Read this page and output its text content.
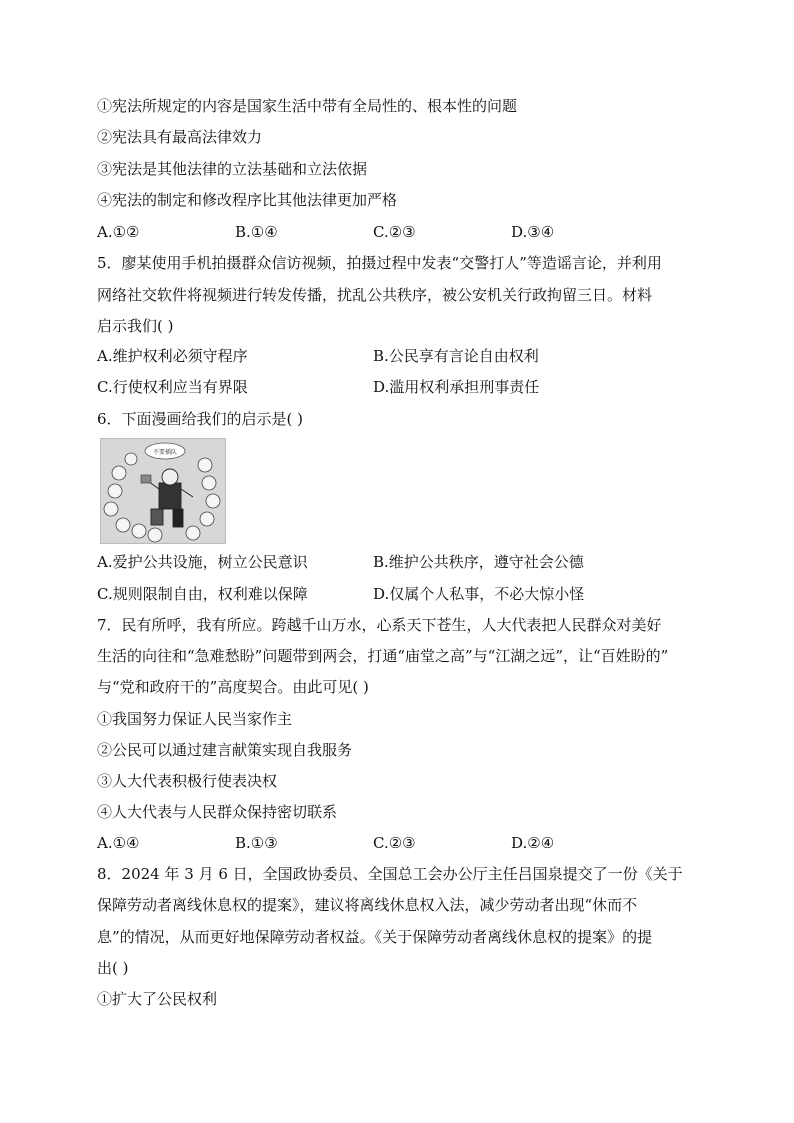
①宪法所规定的内容是国家生活中带有全局性的、根本性的问题
②宪法具有最高法律效力
③宪法是其他法律的立法基础和立法依据
④宪法的制定和修改程序比其他法律更加严格
A.①②	B.①④	C.②③	D.③④
5．廖某使用手机拍摄群众信访视频，拍摄过程中发表“交警打人”等造谣言论，并利用
网络社交软件将视频进行转发传播，扰乱公共秩序，被公安机关行政拘留三日。材料
启示我们( )
A.维护权利必须守程序	B.公民享有言论自由权利
C.行使权利应当有界限	D.滥用权利承担刑事责任
6．下面漫画给我们的启示是( )
不要插队
A.爱护公共设施，树立公民意识	B.维护公共秩序，遵守社会公德
C.规则限制自由，权利难以保障	D.仅属个人私事，不必大惊小怪
7．民有所呼，我有所应。跨越千山万水，心系天下苍生，人大代表把人民群众对美好
生活的向往和“急难愁盼”问题带到两会，打通“庙堂之高”与“江湖之远”，让“百姓盼的”
与“党和政府干的”高度契合。由此可见( )
①我国努力保证人民当家作主
②公民可以通过建言献策实现自我服务
③人大代表积极行使表决权
④人大代表与人民群众保持密切联系
A.①④	B.①③	C.②③	D.②④
8．2024 年 3 月 6 日，全国政协委员、全国总工会办公厅主任吕国泉提交了一份《关于
保障劳动者离线休息权的提案》，建议将离线休息权入法，减少劳动者出现“休而不
息”的情况，从而更好地保障劳动者权益。《关于保障劳动者离线休息权的提案》的提
出( )
①扩大了公民权利
